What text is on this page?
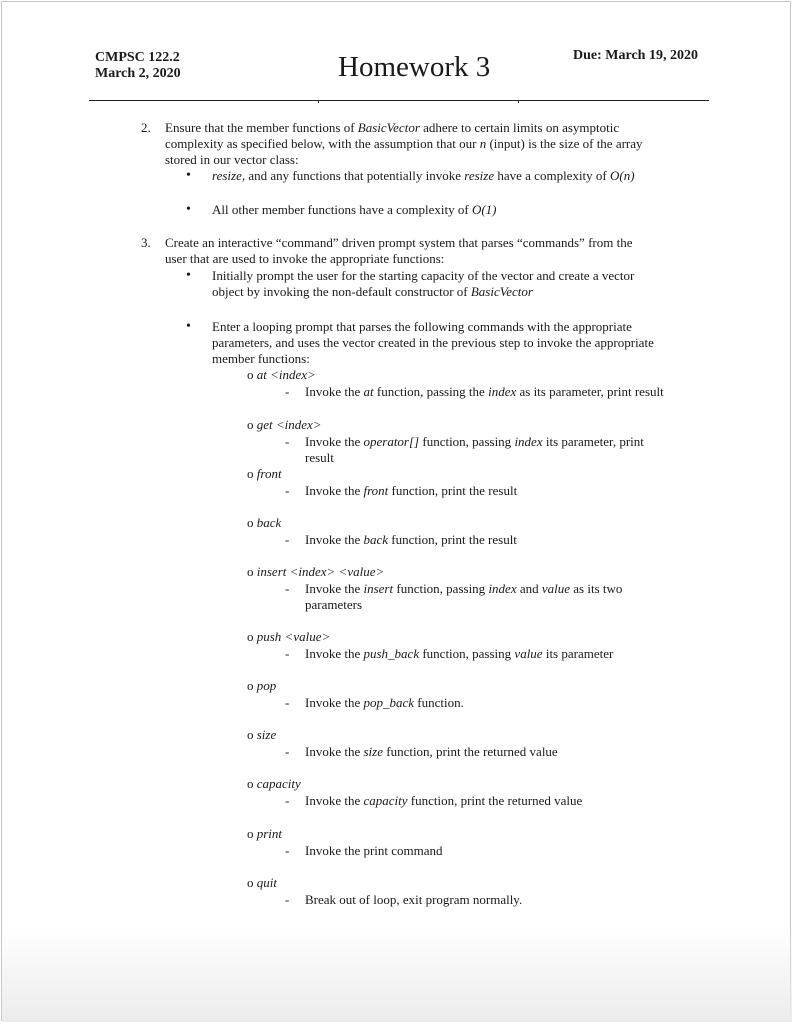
CMPSC 122.2
March 2, 2020	Homework 3	Due: March 19, 2020
2. Ensure that the member functions of BasicVector adhere to certain limits on asymptotic
complexity as specified below, with the assumption that our n (input) is the size of the array
stored in our vector class:
• resize, and any functions that potentially invoke resize have a complexity of O(n)
• All other member functions have a complexity of O(1)
3. Create an interactive “command” driven prompt system that parses “commands” from the
user that are used to invoke the appropriate functions:
• Initially prompt the user for the starting capacity of the vector and create a vector
object by invoking the non-default constructor of BasicVector
• Enter a looping prompt that parses the following commands with the appropriate
parameters, and uses the vector created in the previous step to invoke the appropriate
member functions:
o at <index>
- Invoke the at function, passing the index as its parameter, print result
o get <index>
- Invoke the operator[] function, passing index its parameter, print
result
o front
- Invoke the front function, print the result
o back
- Invoke the back function, print the result
o insert <index> <value>
- Invoke the insert function, passing index and value as its two
parameters
o push <value>
- Invoke the push_back function, passing value its parameter
o pop
- Invoke the pop_back function.
o size
- Invoke the size function, print the returned value
o capacity
- Invoke the capacity function, print the returned value
o print
- Invoke the print command
o quit
- Break out of loop, exit program normally.
